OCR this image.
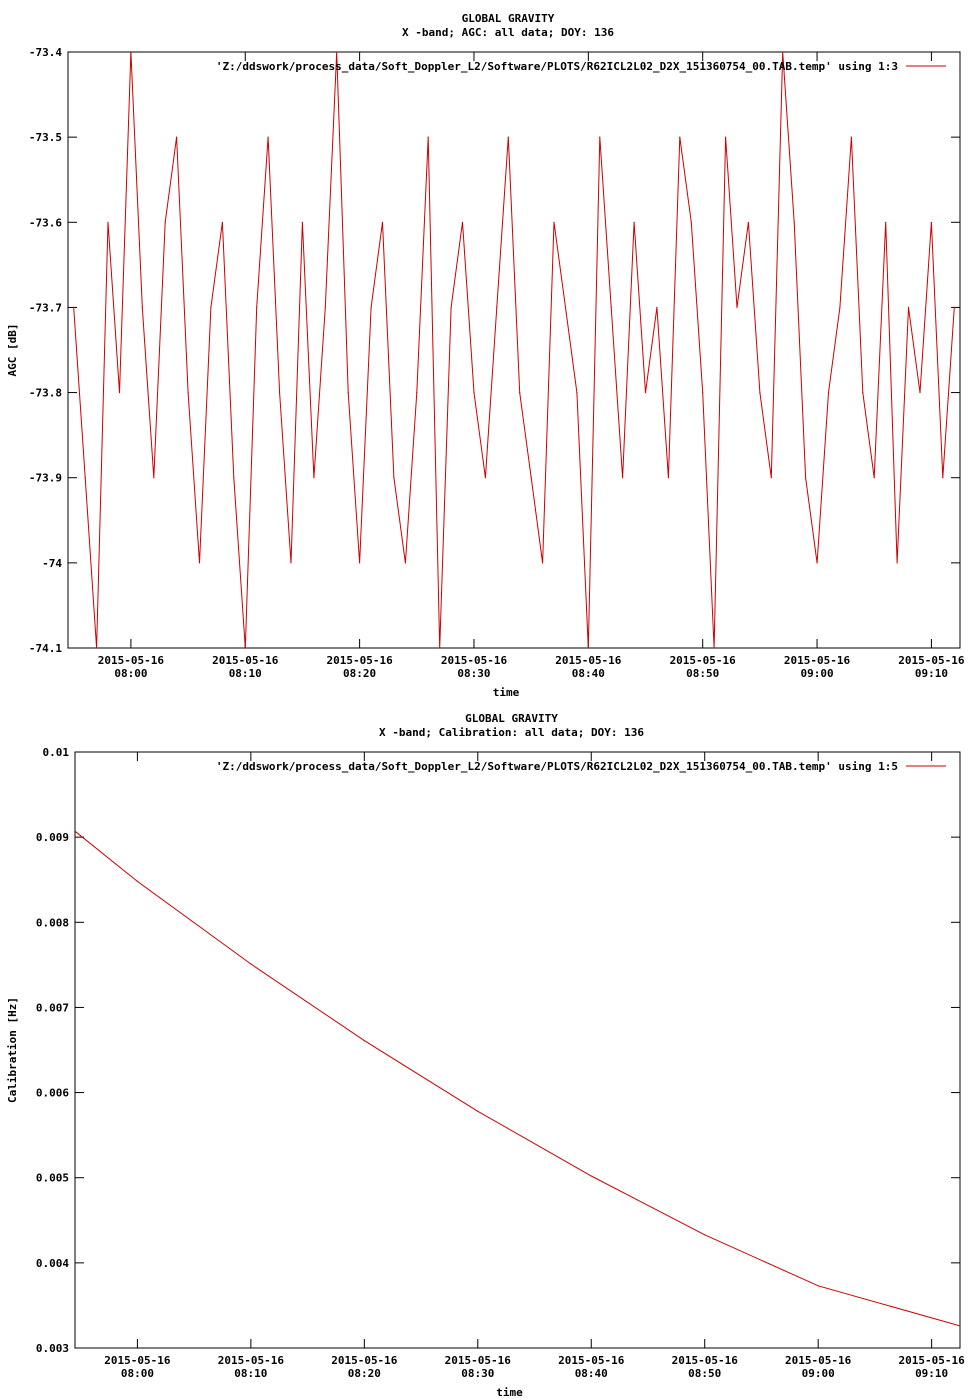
GLOBAL GRAVITY
X -band; AGC: all data; DOY: 136
-73.4
-73.5
-73.6
-73.7
-73.8
-73.9
-74
-74.1
2015-05-16
08:00
2015-05-16
08:10
2015-05-16
08:20
2015-05-16
08:30
2015-05-16
08:40
2015-05-16
08:50
2015-05-16
09:00
2015-05-16
09:10
time
AGC [dB]
'Z:/ddswork/process_data/Soft_Doppler_L2/Software/PLOTS/R62ICL2L02_D2X_151360754_00.TAB.temp' using 1:3
GLOBAL GRAVITY
X -band; Calibration: all data; DOY: 136
0.01
0.009
0.008
0.007
0.006
0.005
0.004
0.003
2015-05-16
08:00
2015-05-16
08:10
2015-05-16
08:20
2015-05-16
08:30
2015-05-16
08:40
2015-05-16
08:50
2015-05-16
09:00
2015-05-16
09:10
time
Calibration [Hz]
'Z:/ddswork/process_data/Soft_Doppler_L2/Software/PLOTS/R62ICL2L02_D2X_151360754_00.TAB.temp' using 1:5
